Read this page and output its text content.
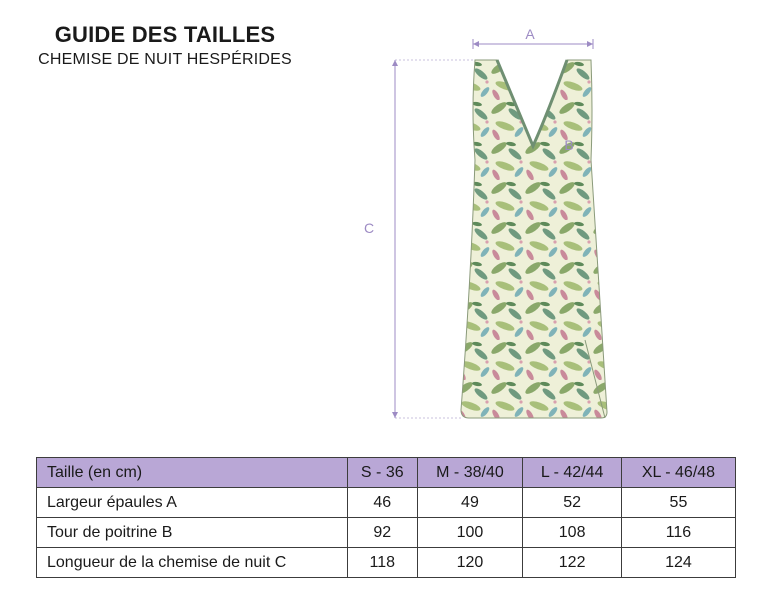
GUIDE DES TAILLES
CHEMISE DE NUIT HESPÉRIDES
A
C
B
Taille (en cm)	S - 36	M - 38/40	L - 42/44	XL - 46/48
Largeur épaules A	46	49	52	55
Tour de poitrine B	92	100	108	116
Longueur de la chemise de nuit C	118	120	122	124
